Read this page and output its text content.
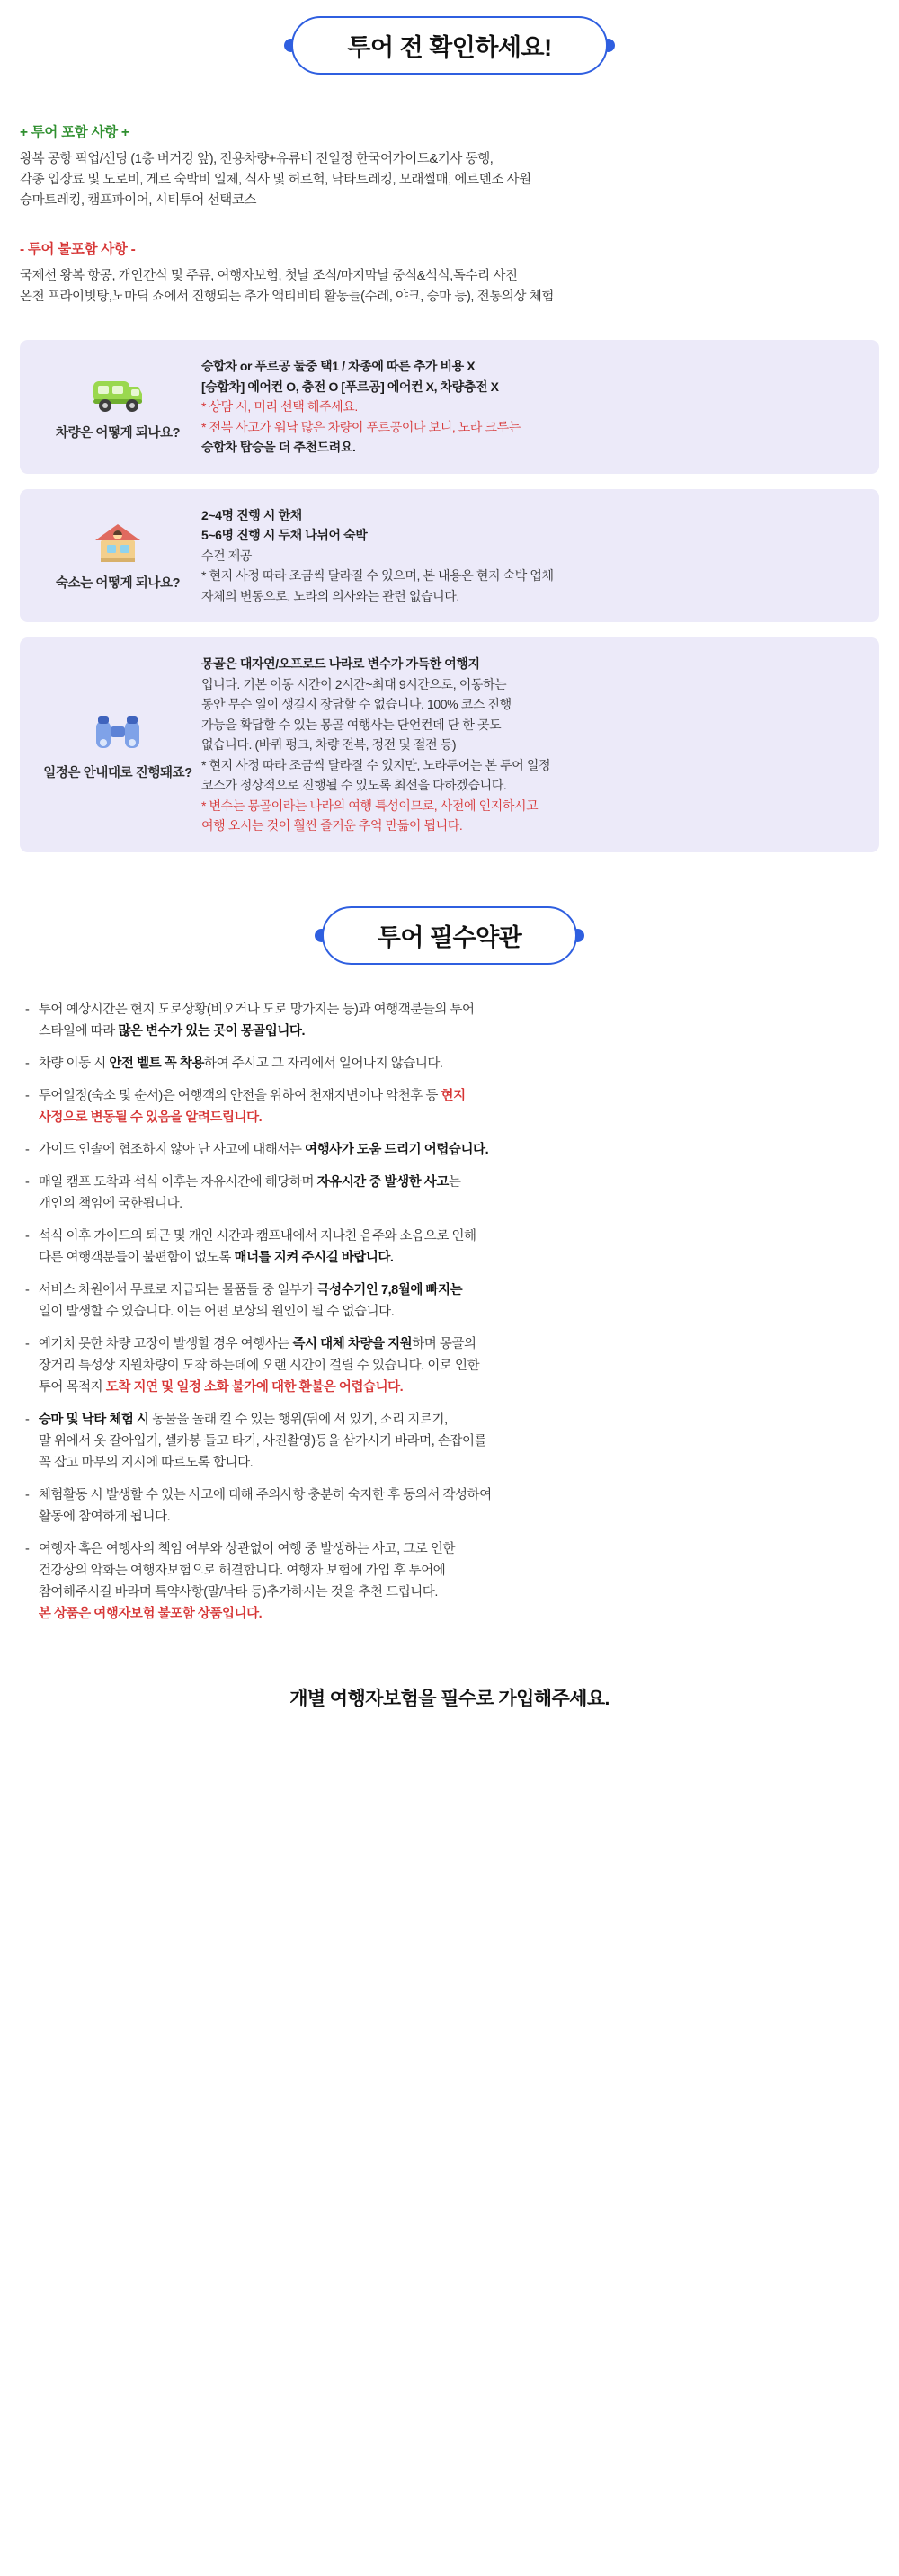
투어 전 확인하세요!
+ 투어 포함 사항 +
왕복 공항 픽업/샌딩 (1층 버거킹 앞), 전용차량+유류비 전일정 한국어가이드&기사 동행,
각종 입장료 및 도로비, 게르 숙박비 일체, 식사 및 허르헉, 낙타트레킹, 모래썰매, 에르덴조 사원
승마트레킹, 캠프파이어, 시티투어 선택코스
- 투어 불포함 사항 -
국제선 왕복 항공, 개인간식 및 주류, 여행자보험, 첫날 조식/마지막날 중식&석식,독수리 사진
온천 프라이빗탕,노마딕 쇼에서 진행되는 추가 액티비티 활동들(수레, 야크, 승마 등), 전통의상 체험
차량은 어떻게 되나요?
승합차 or 푸르공 둘중 택1 / 차종에 따른 추가 비용 X
[승합차] 에어컨 O, 충전 O [푸르공] 에어컨 X, 차량충전 X
* 상담 시, 미리 선택 해주세요.
* 전복 사고가 워낙 많은 차량이 푸르공이다 보니, 노라 크루는
승합차 탑승을 더 추천드려요.
숙소는 어떻게 되나요?
2~4명 진행 시 한채
5~6명 진행 시 두채 나뉘어 숙박
수건 제공
* 현지 사정 따라 조금씩 달라질 수 있으며, 본 내용은 현지 숙박 업체
자체의 변동으로, 노라의 의사와는 관련 없습니다.
일정은 안내대로 진행돼죠?
몽골은 대자연/오프로드 나라로 변수가 가득한 여행지
입니다. 기본 이동 시간이 2시간~최대 9시간으로, 이동하는
동안 무슨 일이 생길지 장담할 수 없습니다. 100% 코스 진행
가능을 확답할 수 있는 몽골 여행사는 단언컨데 단 한 곳도
없습니다. (바퀴 펑크, 차량 전복, 정전 및 절전 등)
* 현지 사정 따라 조금씩 달라질 수 있지만, 노라투어는 본 투어 일정
코스가 정상적으로 진행될 수 있도록 최선을 다하겠습니다.
* 변수는 몽골이라는 나라의 여행 특성이므로, 사전에 인지하시고
여행 오시는 것이 훨씬 즐거운 추억 만듦이 됩니다.
투어 필수약관
- 투어 예상시간은 현지 도로상황(비오거나 도로 망가지는 등)과 여행객분들의 투어
스타일에 따라 많은 변수가 있는 곳이 몽골입니다.
- 차량 이동 시 안전 벨트 꼭 착용하여 주시고 그 자리에서 일어나지 않습니다.
- 투어일정(숙소 및 순서)은 여행객의 안전을 위하여 천재지변이나 악천후 등 현지
사정으로 변동될 수 있음을 알려드립니다.
- 가이드 인솔에 협조하지 않아 난 사고에 대해서는 여행사가 도움 드리기 어렵습니다.
- 매일 캠프 도착과 석식 이후는 자유시간에 해당하며 자유시간 중 발생한 사고는
개인의 책임에 국한됩니다.
- 석식 이후 가이드의 퇴근 및 개인 시간과 캠프내에서 지나친 음주와 소음으로 인해
다른 여행객분들이 불편함이 없도록 매너를 지켜 주시길 바랍니다.
- 서비스 차원에서 무료로 지급되는 물품들 중 일부가 극성수기인 7,8월에 빠지는
일이 발생할 수 있습니다. 이는 어떤 보상의 원인이 될 수 없습니다.
- 예기치 못한 차량 고장이 발생할 경우 여행사는 즉시 대체 차량을 지원하며 몽골의
장거리 특성상 지원차량이 도착 하는데에 오랜 시간이 걸릴 수 있습니다. 이로 인한
투어 목적지 도착 지연 및 일정 소화 불가에 대한 환불은 어렵습니다.
- 승마 및 낙타 체험 시 동물을 놀래 킬 수 있는 행위(뒤에 서 있기, 소리 지르기,
말 위에서 옷 갈아입기, 셀카봉 들고 타기, 사진촬영)등을 삼가시기 바라며, 손잡이를
꼭 잡고 마부의 지시에 따르도록 합니다.
- 체험활동 시 발생할 수 있는 사고에 대해 주의사항 충분히 숙지한 후 동의서 작성하여
활동에 참여하게 됩니다.
- 여행자 혹은 여행사의 책임 여부와 상관없이 여행 중 발생하는 사고, 그로 인한
건강상의 악화는 여행자보험으로 해결합니다. 여행자 보험에 가입 후 투어에
참여해주시길 바라며 특약사항(말/낙타 등)추가하시는 것을 추천 드립니다.
본 상품은 여행자보험 불포함 상품입니다.
개별 여행자보험을 필수로 가입해주세요.
